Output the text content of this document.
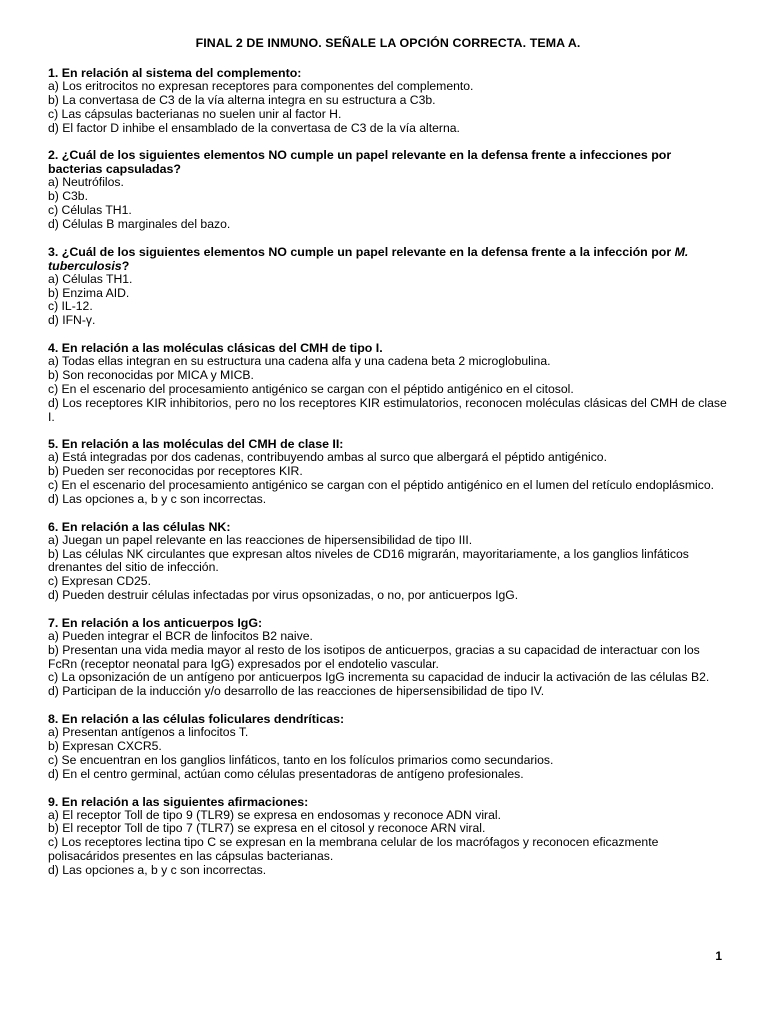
FINAL 2 DE INMUNO. SEÑALE LA OPCIÓN CORRECTA. TEMA A.

1. En relación al sistema del complemento:

a) Los eritrocitos no expresan receptores para componentes del complemento.
b) La convertasa de C3 de la vía alterna integra en su estructura a C3b.
c) Las cápsulas bacterianas no suelen unir al factor H.
d) El factor D inhibe el ensamblado de la convertasa de C3 de la vía alterna.

2. ¿Cuál de los siguientes elementos NO cumple un papel relevante en la defensa frente a infecciones por bacterias capsuladas?

a) Neutrófilos.
b) C3b.
c) Células TH1.
d) Células B marginales del bazo.

3. ¿Cuál de los siguientes elementos NO cumple un papel relevante en la defensa frente a la infección por M. tuberculosis?

a) Células TH1.
b) Enzima AID.
c) IL-12.
d) IFN-γ.

4. En relación a las moléculas clásicas del CMH de tipo I.

a) Todas ellas integran en su estructura una cadena alfa y una cadena beta 2 microglobulina.
b) Son reconocidas por MICA y MICB.
c) En el escenario del procesamiento antigénico se cargan con el péptido antigénico en el citosol.
d) Los receptores KIR inhibitorios, pero no los receptores KIR estimulatorios, reconocen moléculas clásicas del CMH de clase I.

5. En relación a las moléculas del CMH de clase II:

a) Está integradas por dos cadenas, contribuyendo ambas al surco que albergará el péptido antigénico.
b) Pueden ser reconocidas por receptores KIR.
c) En el escenario del procesamiento antigénico se cargan con el péptido antigénico en el lumen del retículo endoplásmico.
d) Las opciones a, b y c son incorrectas.

6. En relación a las células NK:

a) Juegan un papel relevante en las reacciones de hipersensibilidad de tipo III.
b) Las células NK circulantes que expresan altos niveles de CD16 migrarán, mayoritariamente, a los ganglios linfáticos drenantes del sitio de infección.
c) Expresan CD25.
d) Pueden destruir células infectadas por virus opsonizadas, o no, por anticuerpos IgG.

7. En relación a los anticuerpos IgG:

a) Pueden integrar el BCR de linfocitos B2 naive.
b) Presentan una vida media mayor al resto de los isotipos de anticuerpos, gracias a su capacidad de interactuar con los FcRn (receptor neonatal para IgG) expresados por el endotelio vascular.
c) La opsonización de un antígeno por anticuerpos IgG incrementa su capacidad de inducir la activación de las células B2.
d) Participan de la inducción y/o desarrollo de las reacciones de hipersensibilidad de tipo IV.

8. En relación a las células foliculares dendríticas:

a) Presentan antígenos a linfocitos T.
b) Expresan CXCR5.
c) Se encuentran en los ganglios linfáticos, tanto en los folículos primarios como secundarios.
d) En el centro germinal, actúan como células presentadoras de antígeno profesionales.

9. En relación a las siguientes afirmaciones:

a) El receptor Toll de tipo 9 (TLR9) se expresa en endosomas y reconoce ADN viral.
b) El receptor Toll de tipo 7 (TLR7) se expresa en el citosol y reconoce ARN viral.
c) Los receptores lectina tipo C se expresan en la membrana celular de los macrófagos y reconocen eficazmente polisacáridos presentes en las cápsulas bacterianas.
d) Las opciones a, b y c son incorrectas.
1
